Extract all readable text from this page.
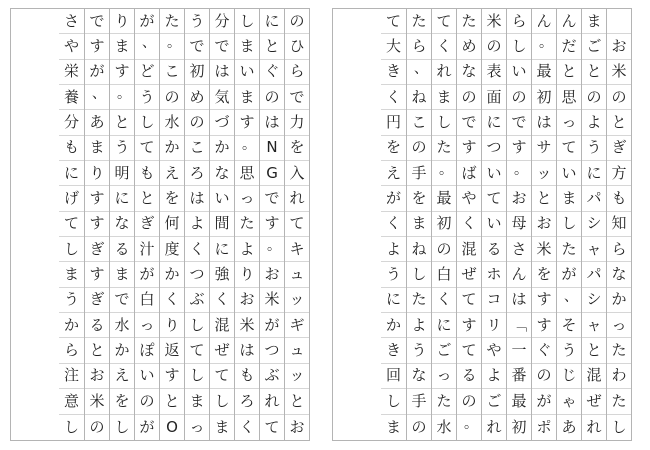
お
米
の
と
ぎ
方
も
知
ら
な
か
っ
た
わ
た
し
ま
ご
と
の
よ
う
に
パ
シ
ャ
パ
シ
ャ
と
混
ぜ
れ
ん
だ
と
思
っ
て
い
ま
し
た
が
、
そ
う
じ
ゃ
あ
ん
。
最
初
は
サ
ッ
と
お
米
を
す
す
ぐ
の
が
ポ
ら
し
い
の
で
す
。
お
母
さ
ん
は
「
一
番
最
初
米
の
表
面
に
つ
い
て
い
る
ホ
コ
リ
や
よ
ご
れ
た
め
な
の
で
す
ば
や
く
混
ぜ
て
す
て
る
の
。
て
く
れ
ま
し
た
。
最
初
の
白
く
に
ご
っ
た
水
た
ら
、
ね
こ
の
手
を
ま
ね
し
た
よ
う
な
手
の
て
大
き
く
円
を
え
が
く
よ
う
に
か
き
回
し
ま
の
ひ
ら
で
力
を
入
れ
て
キ
ュ
ッ
ギ
ュ
ッ
と
お
に
と
ぐ
の
は
N
G
で
す
。
お
米
が
つ
ぶ
れ
て
し
ま
い
ま
す
。
思
っ
た
よ
り
お
米
は
も
ろ
く
分
で
は
気
づ
か
な
い
間
に
強
く
混
ぜ
て
し
ま
う
で
初
め
の
こ
ろ
は
よ
く
つ
ぶ
し
て
し
ま
っ
た
。
こ
の
水
か
え
を
何
度
か
く
り
返
す
と
O
が
、
ど
う
し
て
も
と
ぎ
汁
が
白
っ
ぽ
い
の
が
り
ま
す
。
と
う
明
に
な
る
ま
で
水
か
え
を
し
で
す
が
、
あ
ま
り
す
す
ぎ
す
ぎ
る
と
お
米
の
さ
や
栄
養
分
も
に
げ
て
し
ま
う
か
ら
注
意
し
